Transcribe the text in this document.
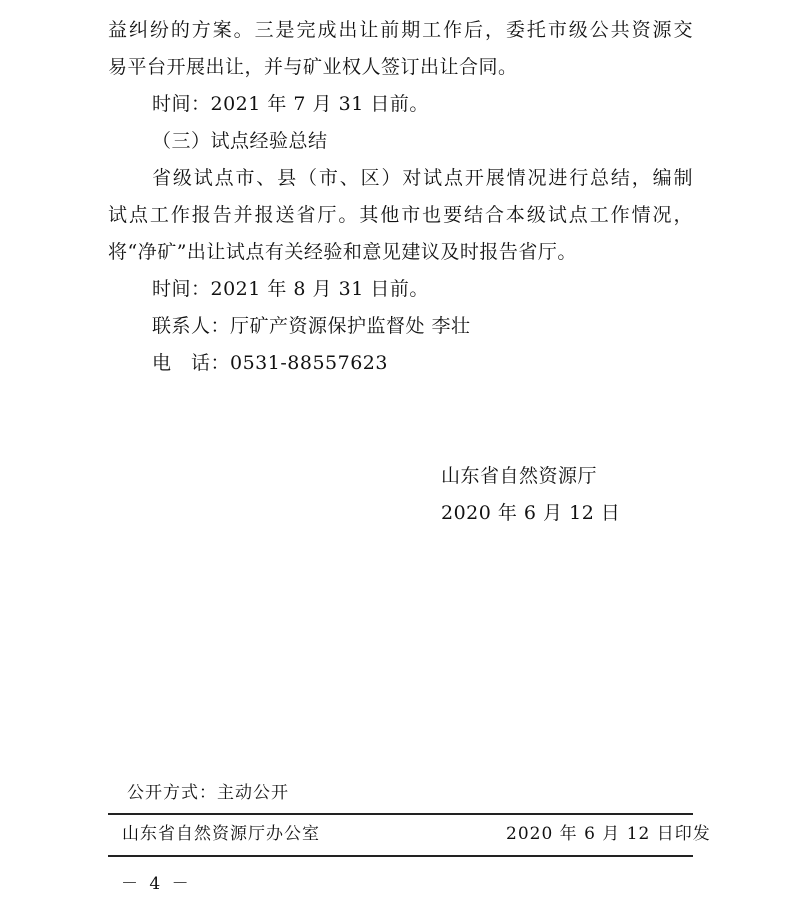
益纠纷的方案。三是完成出让前期工作后，委托市级公共资源交
易平台开展出让，并与矿业权人签订出让合同。
时间：2021 年 7 月 31 日前。
（三）试点经验总结
省级试点市、县（市、区）对试点开展情况进行总结，编制
试点工作报告并报送省厅。其他市也要结合本级试点工作情况，
将“净矿”出让试点有关经验和意见建议及时报告省厅。
时间：2021 年 8 月 31 日前。
联系人：厅矿产资源保护监督处 李壮
电　话：0531-88557623
山东省自然资源厅
2020 年 6 月 12 日
公开方式：主动公开
山东省自然资源厅办公室	2020 年 6 月 12 日印发
－ 4 －
